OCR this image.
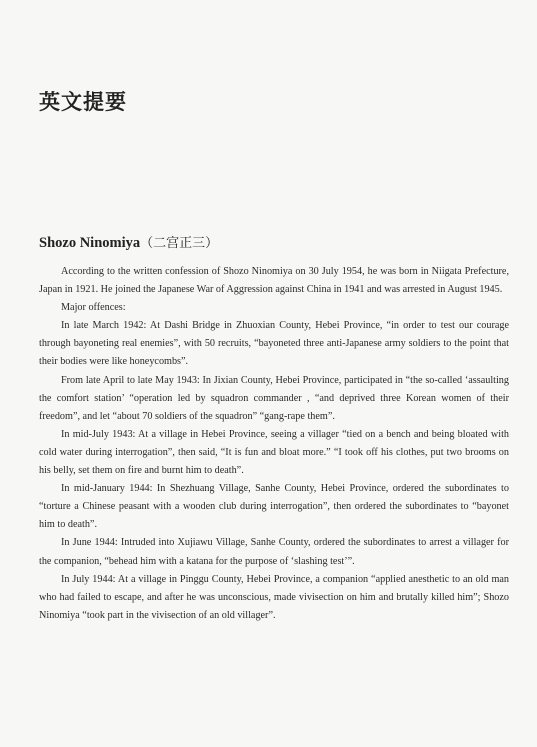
英文提要
Shozo Ninomiya（二宫正三）

According to the written confession of Shozo Ninomiya on 30 July 1954, he was born in Niigata Prefecture, Japan in 1921. He joined the Japanese War of Aggression against China in 1941 and was arrested in August 1945.

Major offences:

In late March 1942: At Dashi Bridge in Zhuoxian County, Hebei Province, “in order to test our courage through bayoneting real enemies”, with 50 recruits, “bayoneted three anti-Japanese army soldiers to the point that their bodies were like honeycombs”.

From late April to late May 1943: In Jixian County, Hebei Province, participated in “the so-called ‘assaulting the comfort station’ “operation led by squadron commander , “and deprived three Korean women of their freedom”, and let “about 70 soldiers of the squadron” “gang-rape them”.

In mid-July 1943: At a village in Hebei Province, seeing a villager “tied on a bench and being bloated with cold water during interrogation”, then said, “It is fun and bloat more.” “I took off his clothes, put two brooms on his belly, set them on fire and burnt him to death”.

In mid-January 1944: In Shezhuang Village, Sanhe County, Hebei Province, ordered the subordinates to “torture a Chinese peasant with a wooden club during interrogation”, then ordered the subordinates to “bayonet him to death”.

In June 1944: Intruded into Xujiawu Village, Sanhe County, ordered the subordinates to arrest a villager for the companion, “behead him with a katana for the purpose of ‘slashing test’”.

In July 1944: At a village in Pinggu County, Hebei Province, a companion “applied anesthetic to an old man who had failed to escape, and after he was unconscious, made vivisection on him and brutally killed him”; Shozo Ninomiya “took part in the vivisection of an old villager”.
